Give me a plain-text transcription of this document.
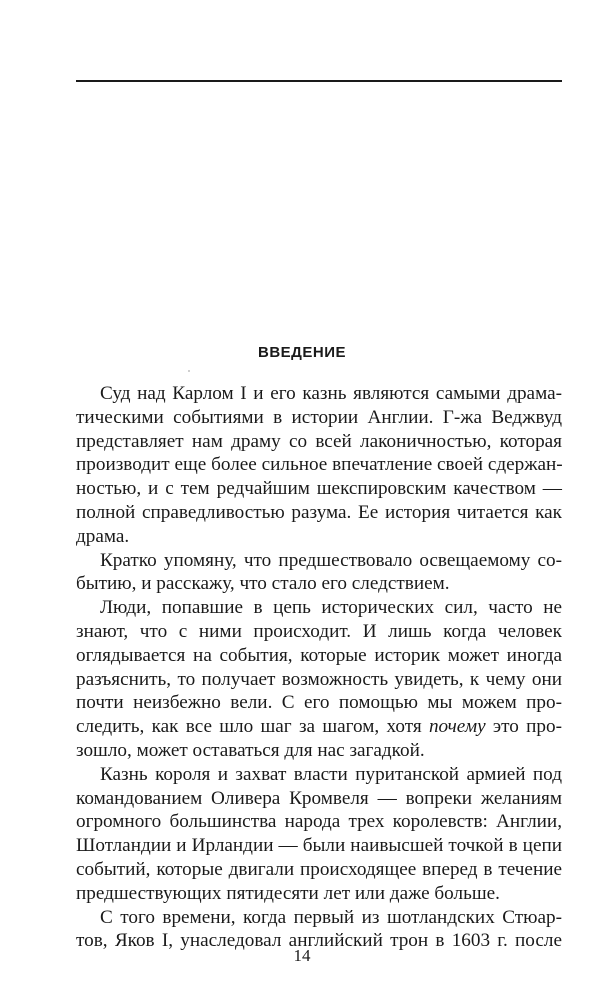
ВВЕДЕНИЕ
Суд над Карлом I и его казнь являются самыми драма-
тическими событиями в истории Англии. Г-жа Веджвуд
представляет нам драму со всей лаконичностью, которая
производит еще более сильное впечатление своей сдержан-
ностью, и с тем редчайшим шекспировским качеством —
полной справедливостью разума. Ее история читается как
драма.
Кратко упомяну, что предшествовало освещаемому со-
бытию, и расскажу, что стало его следствием.
Люди, попавшие в цепь исторических сил, часто не
знают, что с ними происходит. И лишь когда человек
оглядывается на события, которые историк может иногда
разъяснить, то получает возможность увидеть, к чему они
почти неизбежно вели. С его помощью мы можем про-
следить, как все шло шаг за шагом, хотя почему это про-
зошло, может оставаться для нас загадкой.
Казнь короля и захват власти пуританской армией под
командованием Оливера Кромвеля — вопреки желаниям
огромного большинства народа трех королевств: Англии,
Шотландии и Ирландии — были наивысшей точкой в цепи
событий, которые двигали происходящее вперед в течение
предшествующих пятидесяти лет или даже больше.
С того времени, когда первый из шотландских Стюар-
тов, Яков I, унаследовал английский трон в 1603 г. после
14
